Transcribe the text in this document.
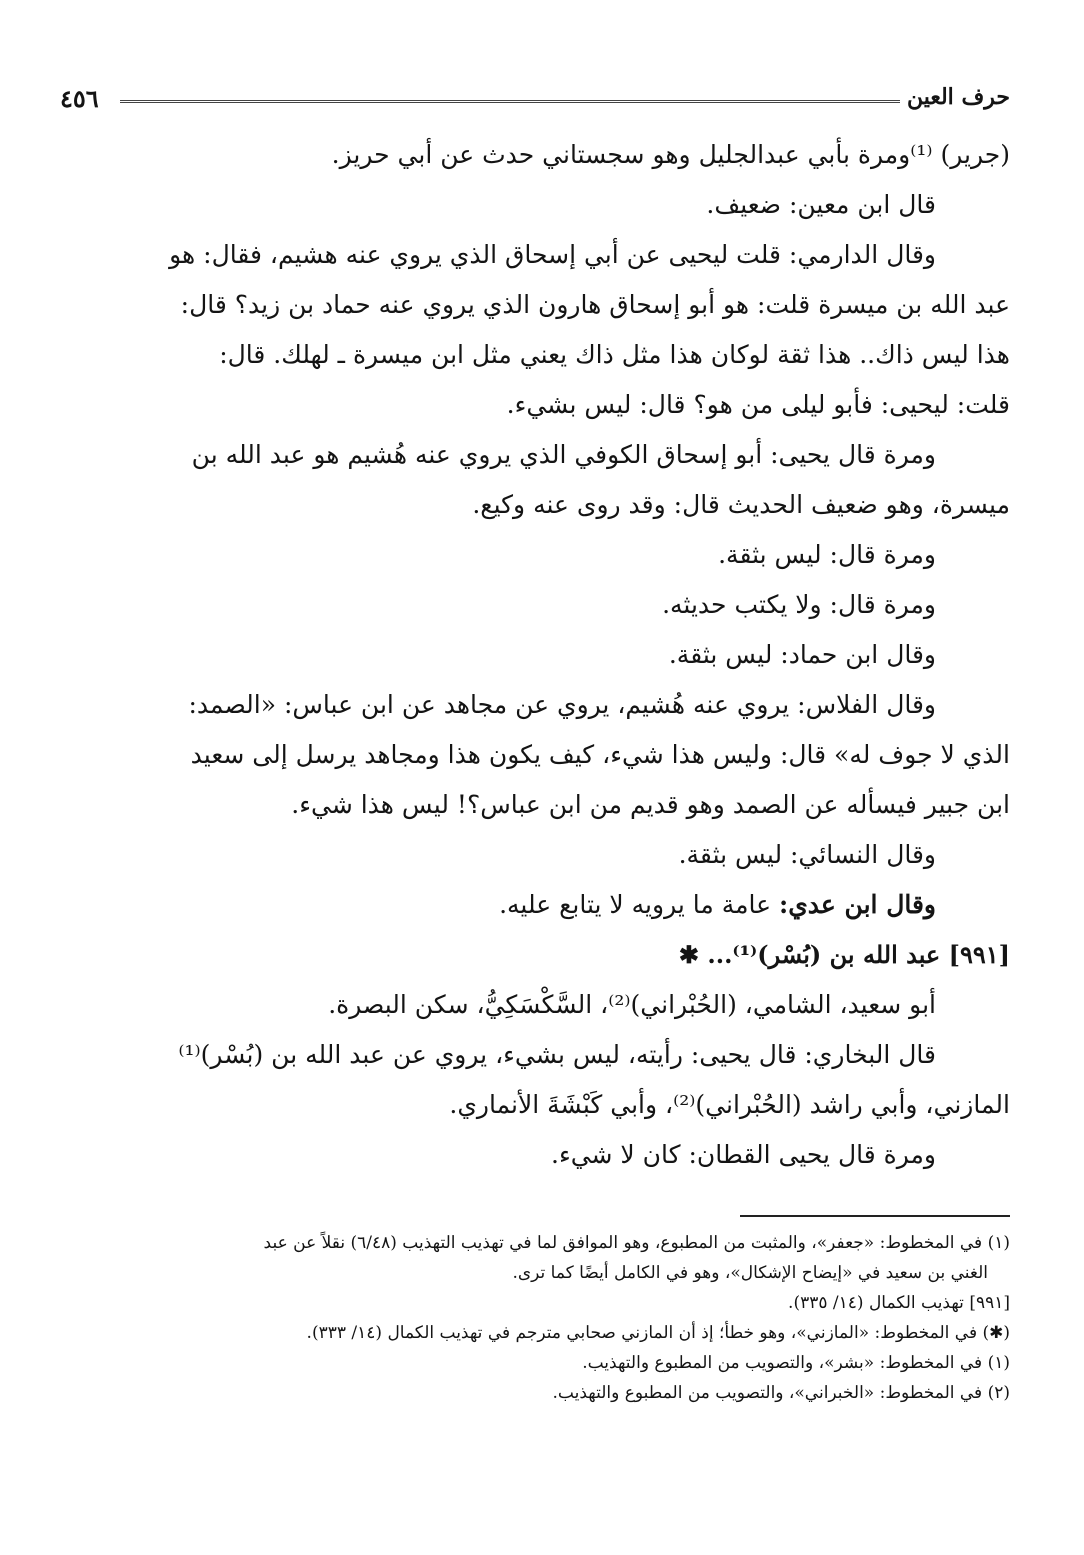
حرف العين
٤٥٦
(جرير) ⁽¹⁾ومرة بأبي عبدالجليل وهو سجستاني حدث عن أبي حريز.
قال ابن معين: ضعيف.
وقال الدارمي: قلت ليحيى عن أبي إسحاق الذي يروي عنه هشيم، فقال: هو
عبد الله بن ميسرة قلت: هو أبو إسحاق هارون الذي يروي عنه حماد بن زيد؟ قال:
هذا ليس ذاك.. هذا ثقة لوكان هذا مثل ذاك يعني مثل ابن ميسرة ـ لهلك. قال:
قلت: ليحيى: فأبو ليلى من هو؟ قال: ليس بشيء.
ومرة قال يحيى: أبو إسحاق الكوفي الذي يروي عنه هُشيم هو عبد الله بن
ميسرة، وهو ضعيف الحديث قال: وقد روى عنه وكيع.
ومرة قال: ليس بثقة.
ومرة قال: ولا يكتب حديثه.
وقال ابن حماد: ليس بثقة.
وقال الفلاس: يروي عنه هُشيم، يروي عن مجاهد عن ابن عباس: «الصمد:
الذي لا جوف له» قال: وليس هذا شيء، كيف يكون هذا ومجاهد يرسل إلى سعيد
ابن جبير فيسأله عن الصمد وهو قديم من ابن عباس؟! ليس هذا شيء.
وقال النسائي: ليس بثقة.
وقال ابن عدي: عامة ما يرويه لا يتابع عليه.
[٩٩١] عبد الله بن (بُسْر)⁽¹⁾... ✱
أبو سعيد، الشامي، (الحُبْراني)⁽²⁾، السَّكْسَكِيُّ، سكن البصرة.
قال البخاري: قال يحيى: رأيته، ليس بشيء، يروي عن عبد الله بن (بُسْر)⁽¹⁾
المازني، وأبي راشد (الحُبْراني)⁽²⁾، وأبي كَبْشَةَ الأنماري.
ومرة قال يحيى القطان: كان لا شيء.
(١) في المخطوط: «جعفر»، والمثبت من المطبوع، وهو الموافق لما في تهذيب التهذيب (٦/٤٨) نقلاً عن عبد
الغني بن سعيد في «إيضاح الإشكال»، وهو في الكامل أيضًا كما ترى.
[٩٩١] تهذيب الكمال (١٤/ ٣٣٥).
(✱) في المخطوط: «المازني»، وهو خطأ؛ إذ أن المازني صحابي مترجم في تهذيب الكمال (١٤/ ٣٣٣).
(١) في المخطوط: «بشر»، والتصويب من المطبوع والتهذيب.
(٢) في المخطوط: «الخبراني»، والتصويب من المطبوع والتهذيب.
